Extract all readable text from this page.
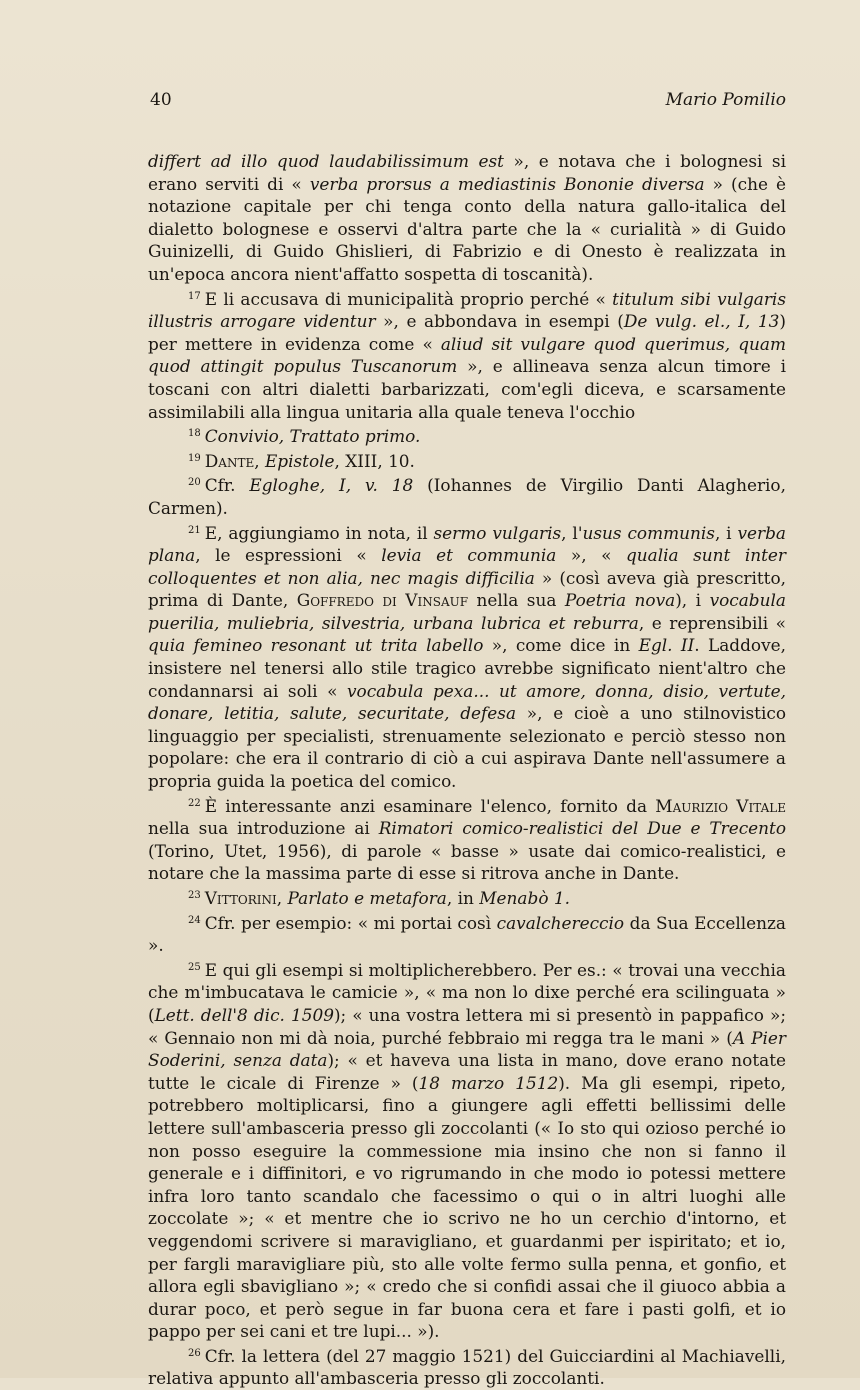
40	Mario Pomilio

differt ad illo quod laudabilissimum est », e notava che i bolognesi si erano serviti di « verba prorsus a mediastinis Bononie diversa » (che è notazione capitale per chi tenga conto della natura gallo-italica del dialetto bolognese e osservi d'altra parte che la « curialità » di Guido Guinizelli, di Guido Ghislieri, di Fabrizio e di Onesto è realizzata in un'epoca ancora nient'affatto sospetta di toscanità).

$^{17}$ E li accusava di municipalità proprio perché « titulum sibi vulgaris illustris arrogare videntur », e abbondava in esempi (De vulg. el., I, 13) per mettere in evidenza come « aliud sit vulgare quod querimus, quam quod attingit populus Tuscanorum », e allineava senza alcun timore i toscani con altri dialetti barbarizzati, com'egli diceva, e scarsamente assimilabili alla lingua unitaria alla quale teneva l'occhio

$^{18}$ Convivio, Trattato primo.

$^{19}$ Dante, Epistole, XIII, 10.

$^{20}$ Cfr. Egloghe, I, v. 18 (Iohannes de Virgilio Danti Alagherio, Carmen).

$^{21}$ E, aggiungiamo in nota, il sermo vulgaris, l'usus communis, i verba plana, le espressioni « levia et communia », « qualia sunt inter colloquentes et non alia, nec magis difficilia » (così aveva già prescritto, prima di Dante, Goffredo di Vinsauf nella sua Poetria nova), i vocabula puerilia, muliebria, silvestria, urbana lubrica et reburra, e reprensibili « quia femineo resonant ut trita labello », come dice in Egl. II. Laddove, insistere nel tenersi allo stile tragico avrebbe significato nient'altro che condannarsi ai soli « vocabula pexa... ut amore, donna, disio, vertute, donare, letitia, salute, securitate, defesa », e cioè a uno stilnovistico linguaggio per specialisti, strenuamente selezionato e perciò stesso non popolare: che era il contrario di ciò a cui aspirava Dante nell'assumere a propria guida la poetica del comico.

$^{22}$ È interessante anzi esaminare l'elenco, fornito da Maurizio Vitale nella sua introduzione ai Rimatori comico-realistici del Due e Trecento (Torino, Utet, 1956), di parole « basse » usate dai comico-realistici, e notare che la massima parte di esse si ritrova anche in Dante.

$^{23}$ Vittorini, Parlato e metafora, in Menabò 1.

$^{24}$ Cfr. per esempio: « mi portai così cavalchereccio da Sua Eccellenza ».

$^{25}$ E qui gli esempi si moltiplicherebbero. Per es.: « trovai una vecchia che m'imbucatava le camicie », « ma non lo dixe perché era scilinguata » (Lett. dell'8 dic. 1509); « una vostra lettera mi si presentò in pappafico »; « Gennaio non mi dà noia, purché febbraio mi regga tra le mani » (A Pier Soderini, senza data); « et haveva una lista in mano, dove erano notate tutte le cicale di Firenze » (18 marzo 1512). Ma gli esempi, ripeto, potrebbero moltiplicarsi, fino a giungere agli effetti bellissimi delle lettere sull'ambasceria presso gli zoccolanti (« Io sto qui ozioso perché io non posso eseguire la commessione mia insino che non si fanno il generale e i diffinitori, e vo rigrumando in che modo io potessi mettere infra loro tanto scandalo che facessimo o qui o in altri luoghi alle zoccolate »; « et mentre che io scrivo ne ho un cerchio d'intorno, et veggendomi scrivere si maravigliano, et guardanmi per ispiritato; et io, per fargli maravigliare più, sto alle volte fermo sulla penna, et gonfio, et allora egli sbavigliano »; « credo che si confidi assai che il giuoco abbia a durar poco, et però segue in far buona cera et fare i pasti golfi, et io pappo per sei cani et tre lupi... »).

$^{26}$ Cfr. la lettera (del 27 maggio 1521) del Guicciardini al Machiavelli, relativa appunto all'ambasceria presso gli zoccolanti.
